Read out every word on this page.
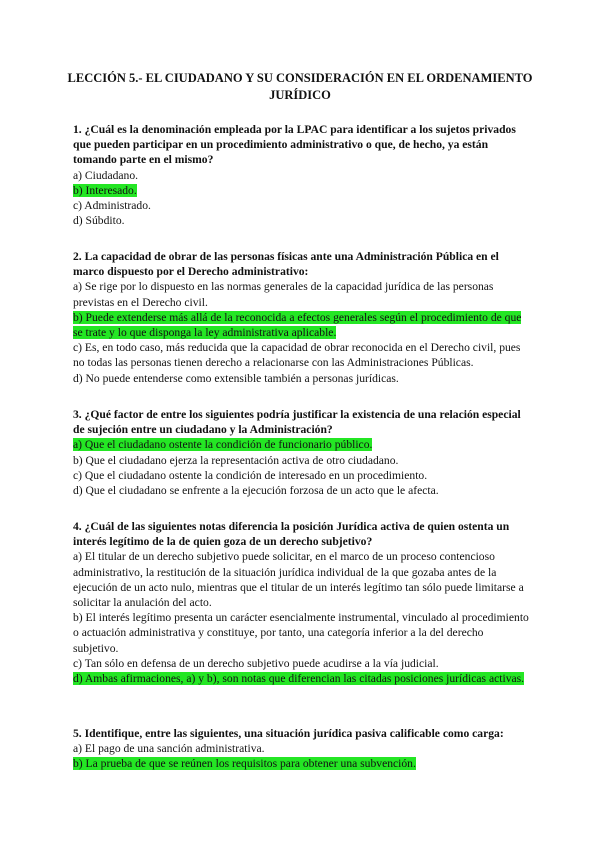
LECCIÓN 5.- EL CIUDADANO Y SU CONSIDERACIÓN EN EL ORDENAMIENTO JURÍDICO

1. ¿Cuál es la denominación empleada por la LPAC para identificar a los sujetos privados que pueden participar en un procedimiento administrativo o que, de hecho, ya están tomando parte en el mismo?

a) Ciudadano.

b) Interesado.

c) Administrado.

d) Súbdito.

2. La capacidad de obrar de las personas físicas ante una Administración Pública en el marco dispuesto por el Derecho administrativo:

a) Se rige por lo dispuesto en las normas generales de la capacidad jurídica de las personas previstas en el Derecho civil.

b) Puede extenderse más allá de la reconocida a efectos generales según el procedimiento de que se trate y lo que disponga la ley administrativa aplicable.

c) Es, en todo caso, más reducida que la capacidad de obrar reconocida en el Derecho civil, pues no todas las personas tienen derecho a relacionarse con las Administraciones Públicas.

d) No puede entenderse como extensible también a personas jurídicas.

3. ¿Qué factor de entre los siguientes podría justificar la existencia de una relación especial de sujeción entre un ciudadano y la Administración?

a) Que el ciudadano ostente la condición de funcionario público.

b) Que el ciudadano ejerza la representación activa de otro ciudadano.

c) Que el ciudadano ostente la condición de interesado en un procedimiento.

d) Que el ciudadano se enfrente a la ejecución forzosa de un acto que le afecta.

4. ¿Cuál de las siguientes notas diferencia la posición Jurídica activa de quien ostenta un interés legítimo de la de quien goza de un derecho subjetivo?

a) El titular de un derecho subjetivo puede solicitar, en el marco de un proceso contencioso administrativo, la restitución de la situación jurídica individual de la que gozaba antes de la ejecución de un acto nulo, mientras que el titular de un interés legítimo tan sólo puede limitarse a solicitar la anulación del acto.

b) El interés legítimo presenta un carácter esencialmente instrumental, vinculado al procedimiento o actuación administrativa y constituye, por tanto, una categoría inferior a la del derecho subjetivo.

c) Tan sólo en defensa de un derecho subjetivo puede acudirse a la vía judicial.

d) Ambas afirmaciones, a) y b), son notas que diferencian las citadas posiciones jurídicas activas.

5. Identifique, entre las siguientes, una situación jurídica pasiva calificable como carga:

a) El pago de una sanción administrativa.

b) La prueba de que se reúnen los requisitos para obtener una subvención.
